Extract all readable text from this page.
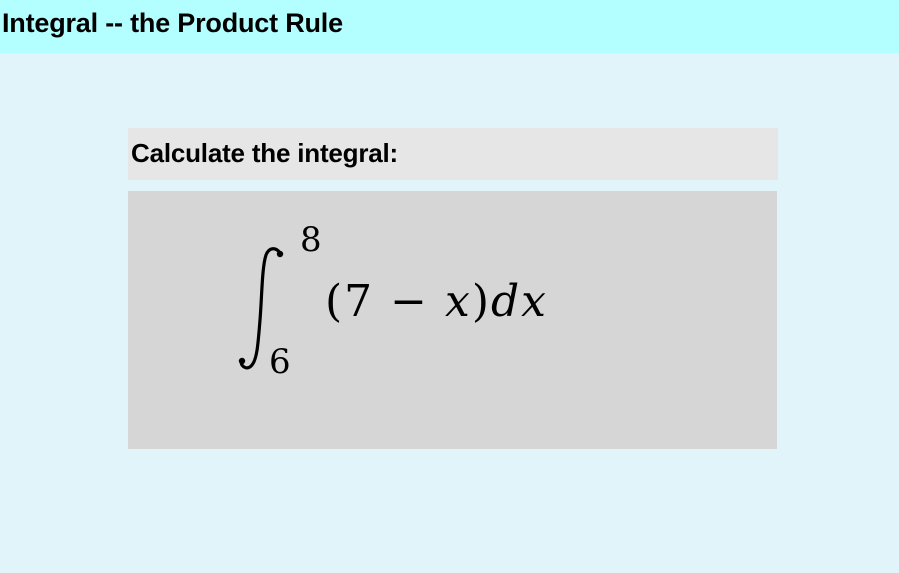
Integral -- the Product Rule
Calculate the integral:
8
6
(7 − x)dx
